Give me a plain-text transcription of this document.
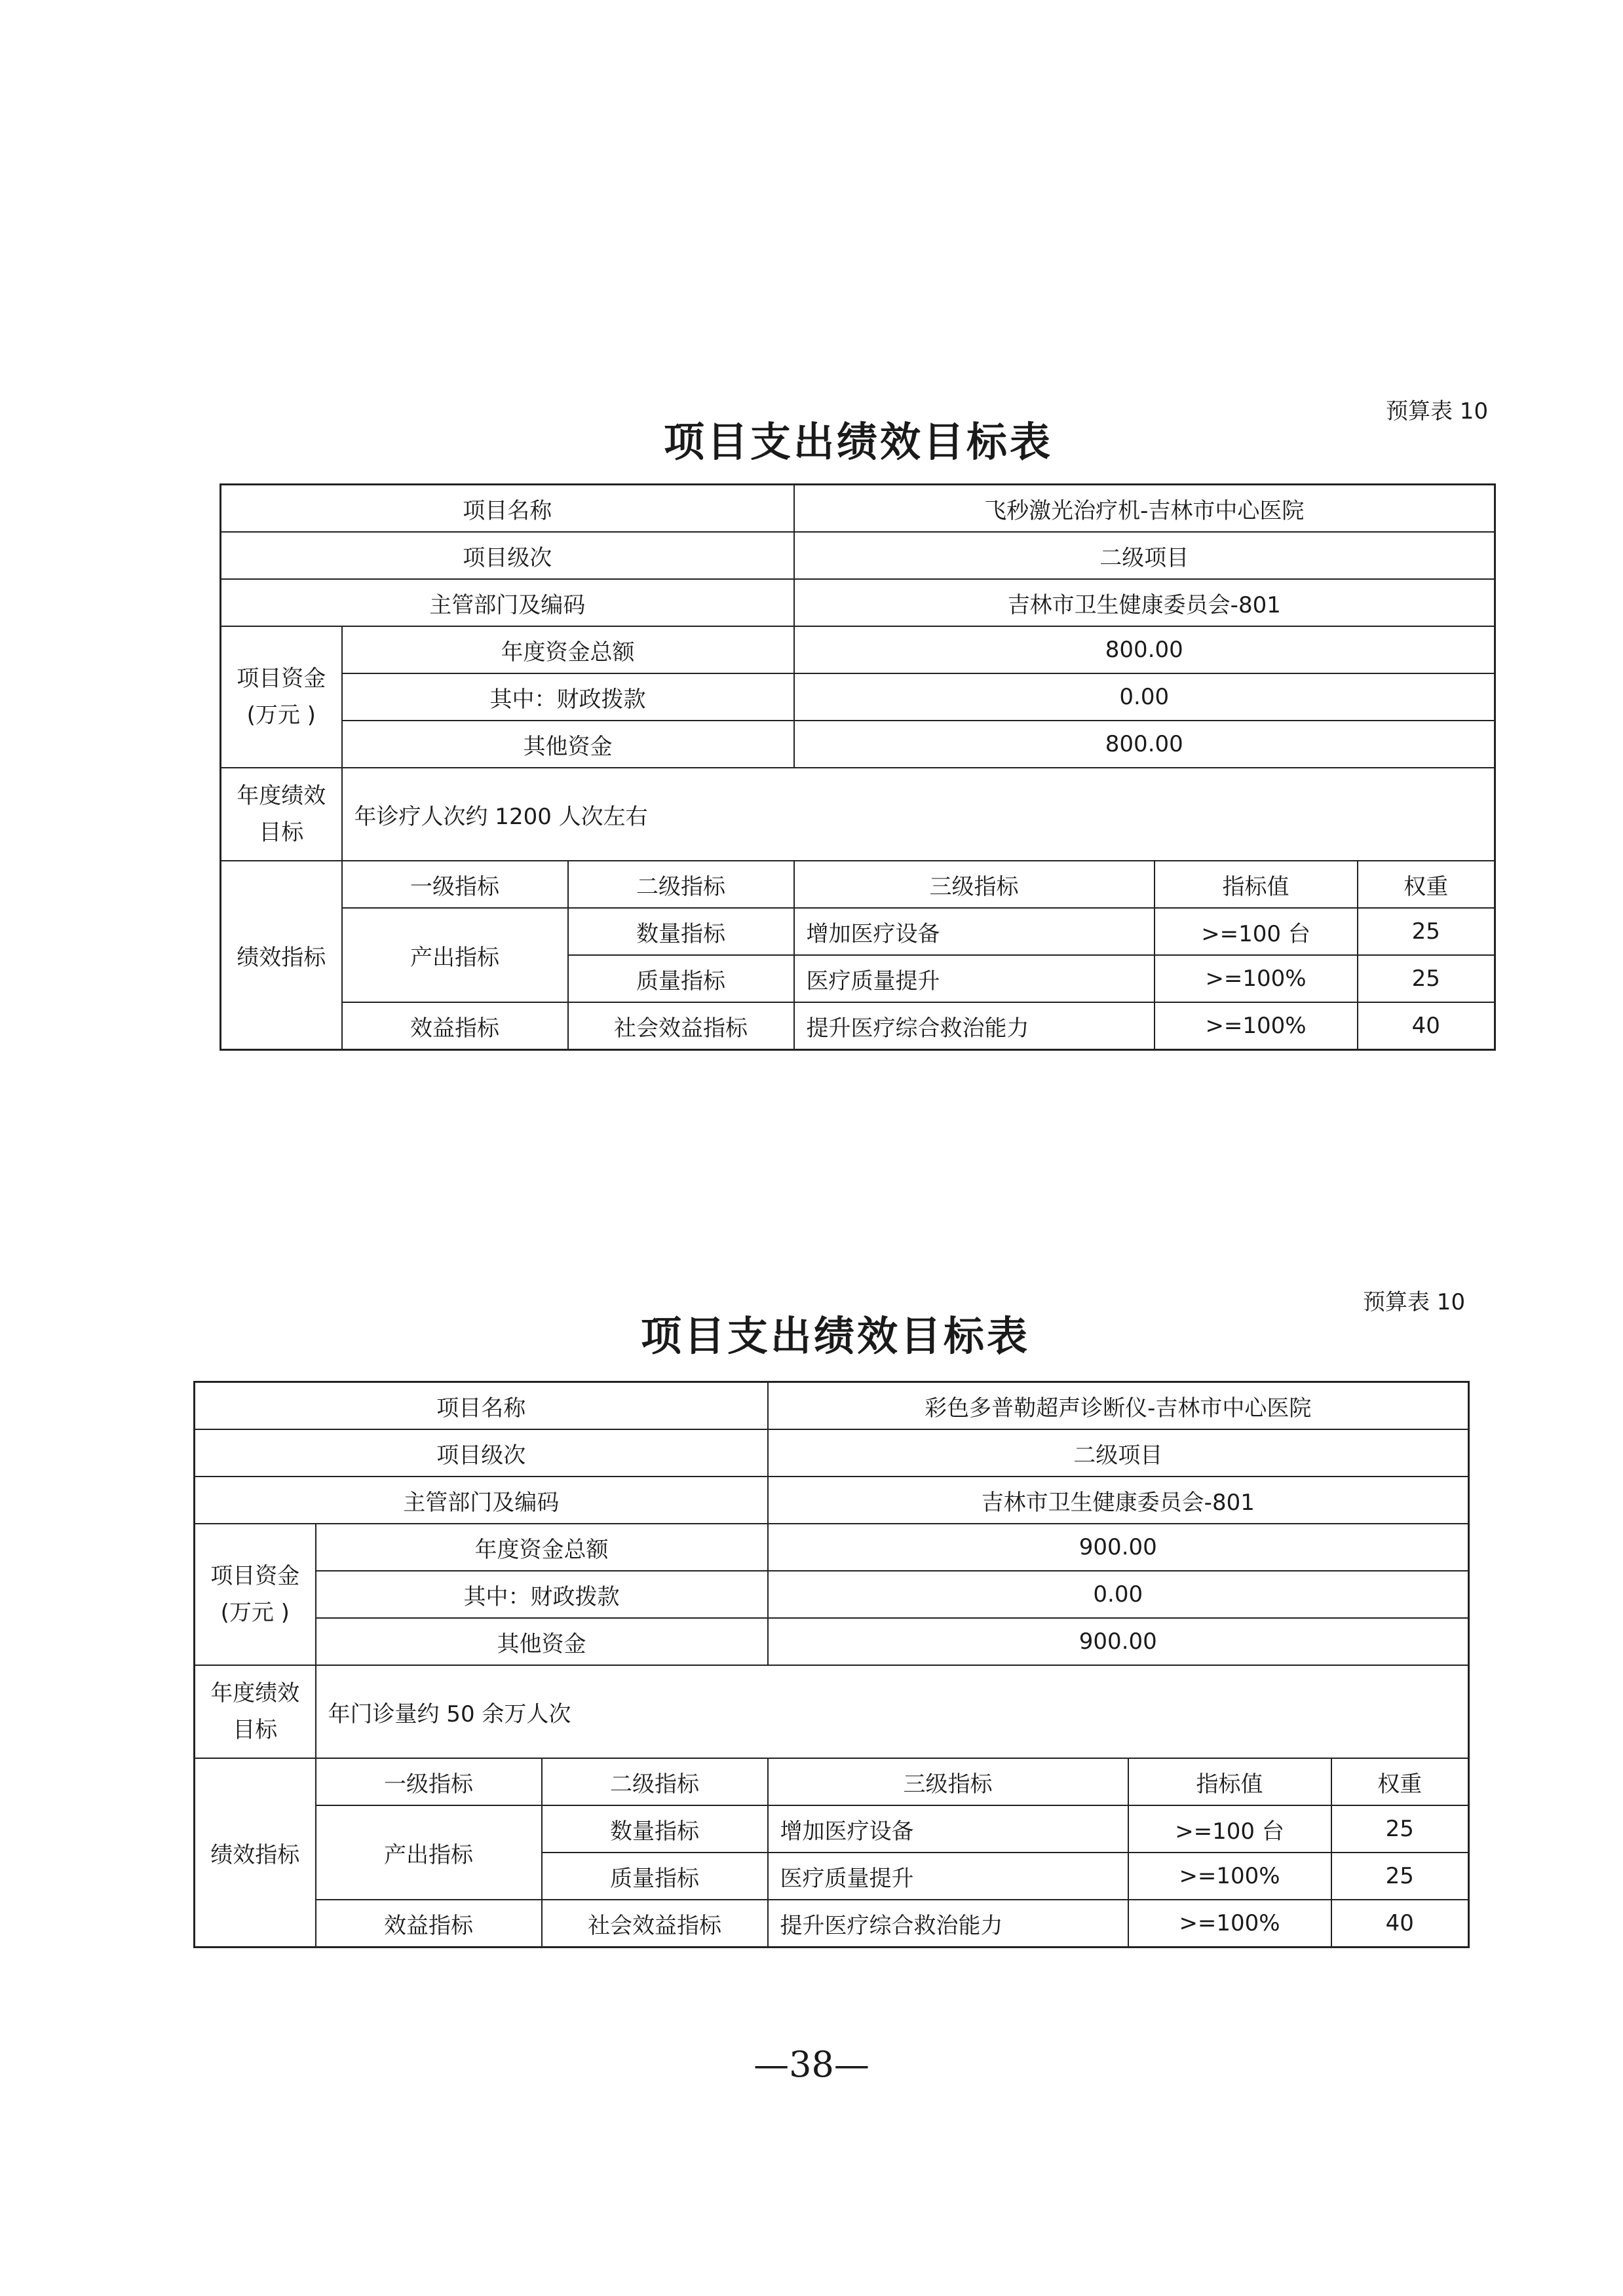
预算表 10
项目支出绩效目标表
项目名称			飞秒激光治疗机-吉林市中心医院		
项目级次			二级项目		
主管部门及编码			吉林市卫生健康委员会-801		
项目资金
(万元 )	年度资金总额		800.00		
	其中：财政拨款		0.00		
	其他资金		800.00		
年度绩效
目标	年诊疗人次约 1200 人次左右				
绩效指标	一级指标	二级指标	三级指标	指标值	权重
	产出指标	数量指标	增加医疗设备	>=100 台	25
		质量指标	医疗质量提升	>=100%	25
	效益指标	社会效益指标	提升医疗综合救治能力	>=100%	40
预算表 10
项目支出绩效目标表
项目名称			彩色多普勒超声诊断仪-吉林市中心医院		
项目级次			二级项目		
主管部门及编码			吉林市卫生健康委员会-801		
项目资金
(万元 )	年度资金总额		900.00		
	其中：财政拨款		0.00		
	其他资金		900.00		
年度绩效
目标	年门诊量约 50 余万人次				
绩效指标	一级指标	二级指标	三级指标	指标值	权重
	产出指标	数量指标	增加医疗设备	>=100 台	25
		质量指标	医疗质量提升	>=100%	25
	效益指标	社会效益指标	提升医疗综合救治能力	>=100%	40
—38—
